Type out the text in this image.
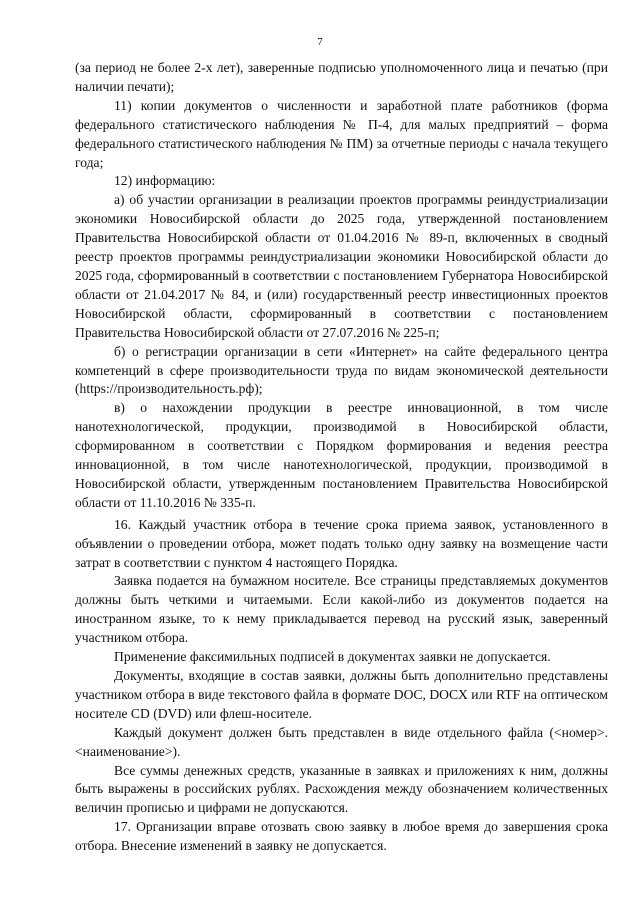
7

(за период не более 2-х лет), заверенные подписью уполномоченного лица и печатью (при наличии печати);

11) копии документов о численности и заработной плате работников (форма федерального статистического наблюдения № П-4, для малых предприятий – форма федерального статистического наблюдения № ПМ) за отчетные периоды с начала текущего года;

12) информацию:

а) об участии организации в реализации проектов программы реиндустриализации экономики Новосибирской области до 2025 года, утвержденной постановлением Правительства Новосибирской области от 01.04.2016 № 89-п, включенных в сводный реестр проектов программы реиндустриализации экономики Новосибирской области до 2025 года, сформированный в соответствии с постановлением Губернатора Новосибирской области от 21.04.2017 № 84, и (или) государственный реестр инвестиционных проектов Новосибирской области, сформированный в соответствии с постановлением Правительства Новосибирской области от 27.07.2016 № 225-п;

б) о регистрации организации в сети «Интернет» на сайте федерального центра компетенций в сфере производительности труда по видам экономической деятельности (https://производительность.рф);

в) о нахождении продукции в реестре инновационной, в том числе нанотехнологической, продукции, производимой в Новосибирской области, сформированном в соответствии с Порядком формирования и ведения реестра инновационной, в том числе нанотехнологической, продукции, производимой в Новосибирской области, утвержденным постановлением Правительства Новосибирской области от 11.10.2016 № 335-п.

16. Каждый участник отбора в течение срока приема заявок, установленного в объявлении о проведении отбора, может подать только одну заявку на возмещение части затрат в соответствии с пунктом 4 настоящего Порядка.

Заявка подается на бумажном носителе. Все страницы представляемых документов должны быть четкими и читаемыми. Если какой-либо из документов подается на иностранном языке, то к нему прикладывается перевод на русский язык, заверенный участником отбора.

Применение факсимильных подписей в документах заявки не допускается.

Документы, входящие в состав заявки, должны быть дополнительно представлены участником отбора в виде текстового файла в формате DOC, DOCX или RTF на оптическом носителе CD (DVD) или флеш-носителе.

Каждый документ должен быть представлен в виде отдельного файла (<номер>.<наименование>).

Все суммы денежных средств, указанные в заявках и приложениях к ним, должны быть выражены в российских рублях. Расхождения между обозначением количественных величин прописью и цифрами не допускаются.

17. Организации вправе отозвать свою заявку в любое время до завершения срока отбора. Внесение изменений в заявку не допускается.
